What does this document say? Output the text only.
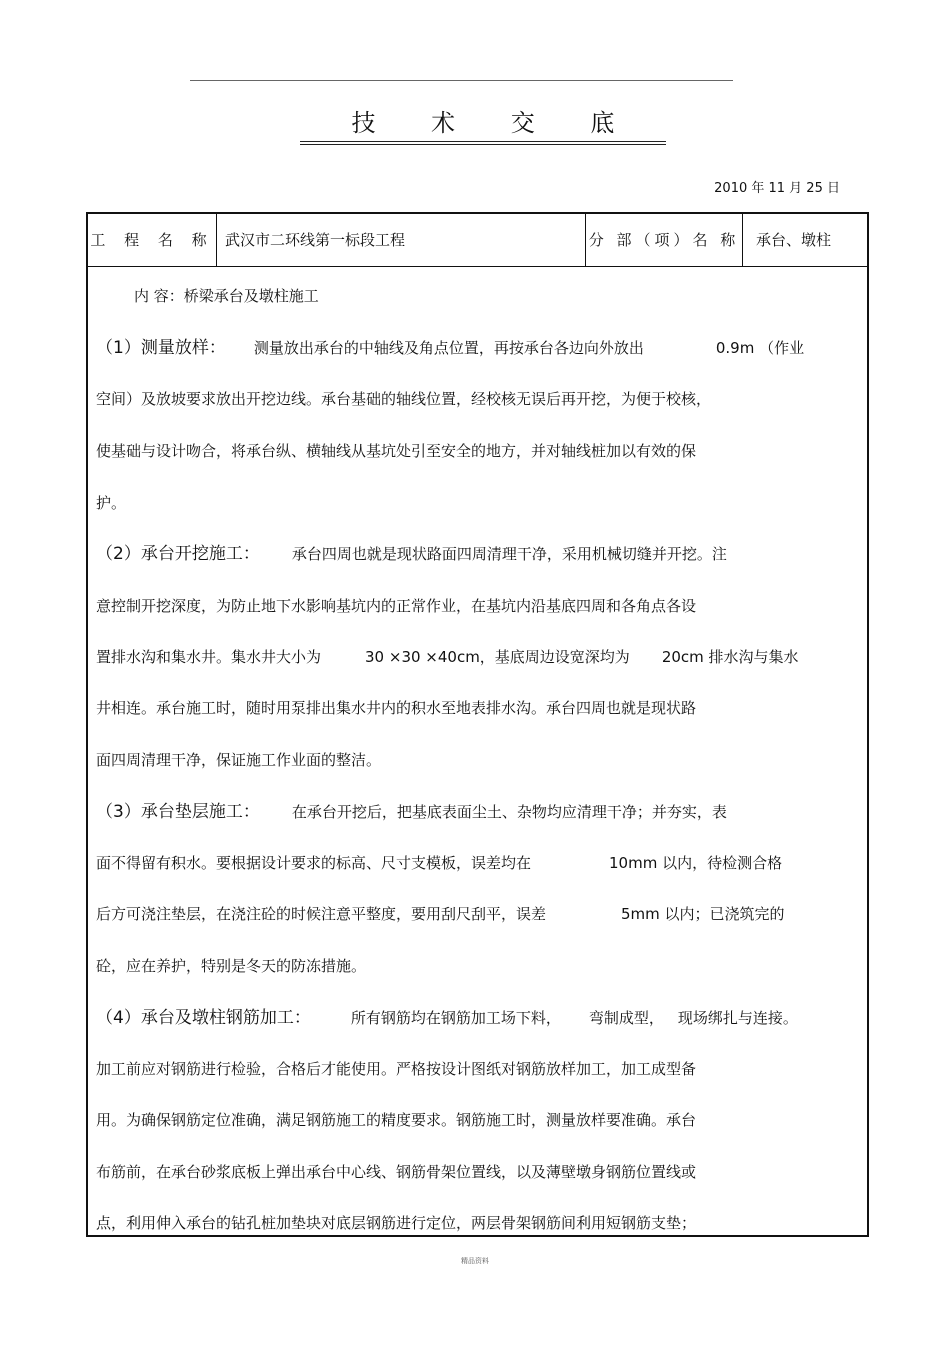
技 术 交 底
2010 年 11 月 25 日
工 程 名 称 武汉市二环线第一标段工程	分 部（项）名 称	承台、墩柱
内 容：桥梁承台及墩柱施工
（1）测量放样： 测量放出承台的中轴线及角点位置，再按承台各边向外放出	0.9m （作业
空间）及放坡要求放出开挖边线。承台基础的轴线位置，经校核无误后再开挖，为便于校核，
使基础与设计吻合，将承台纵、横轴线从基坑处引至安全的地方，并对轴线桩加以有效的保
护。
（2）承台开挖施工： 承台四周也就是现状路面四周清理干净，采用机械切缝并开挖。注
意控制开挖深度，为防止地下水影响基坑内的正常作业，在基坑内沿基底四周和各角点各设
置排水沟和集水井。集水井大小为	30 ×30 ×40cm，基底周边设宽深均为 20cm 排水沟与集水
井相连。承台施工时，随时用泵排出集水井内的积水至地表排水沟。承台四周也就是现状路
面四周清理干净，保证施工作业面的整洁。
（3）承台垫层施工： 在承台开挖后，把基底表面尘土、杂物均应清理干净；并夯实，表
面不得留有积水。要根据设计要求的标高、尺寸支模板，误差均在	10mm 以内，待检测合格
后方可浇注垫层，在浇注砼的时候注意平整度，要用刮尺刮平，误差	5mm 以内；已浇筑完的
砼，应在养护，特别是冬天的防冻措施。
（4）承台及墩柱钢筋加工：	所有钢筋均在钢筋加工场下料， 弯制成型， 现场绑扎与连接。
加工前应对钢筋进行检验，合格后才能使用。严格按设计图纸对钢筋放样加工，加工成型备
用。为确保钢筋定位准确，满足钢筋施工的精度要求。钢筋施工时，测量放样要准确。承台
布筋前，在承台砂浆底板上弹出承台中心线、钢筋骨架位置线，以及薄壁墩身钢筋位置线或
点，利用伸入承台的钻孔桩加垫块对底层钢筋进行定位，两层骨架钢筋间利用短钢筋支垫；
精品资料
